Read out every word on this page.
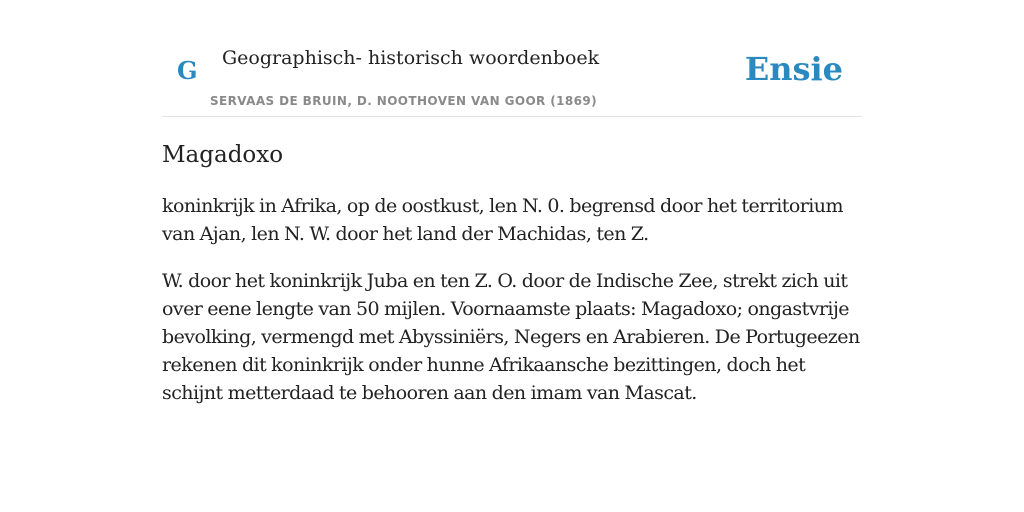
G Geographisch- historisch woordenboek
SERVAAS DE BRUIN, D. NOOTHOVEN VAN GOOR (1869)
Ensie
Magadoxo

koninkrijk in Afrika, op de oostkust, len N. 0. begrensd door het territorium van Ajan, len N. W. door het land der Machidas, ten Z.

W. door het koninkrijk Juba en ten Z. O. door de Indische Zee, strekt zich uit over eene lengte van 50 mijlen. Voornaamste plaats: Magadoxo; ongastvrije bevolking, vermengd met Abyssiniërs, Negers en Arabieren. De Portugeezen rekenen dit koninkrijk onder hunne Afrikaansche bezittingen, doch het schijnt metterdaad te behooren aan den imam van Mascat.
